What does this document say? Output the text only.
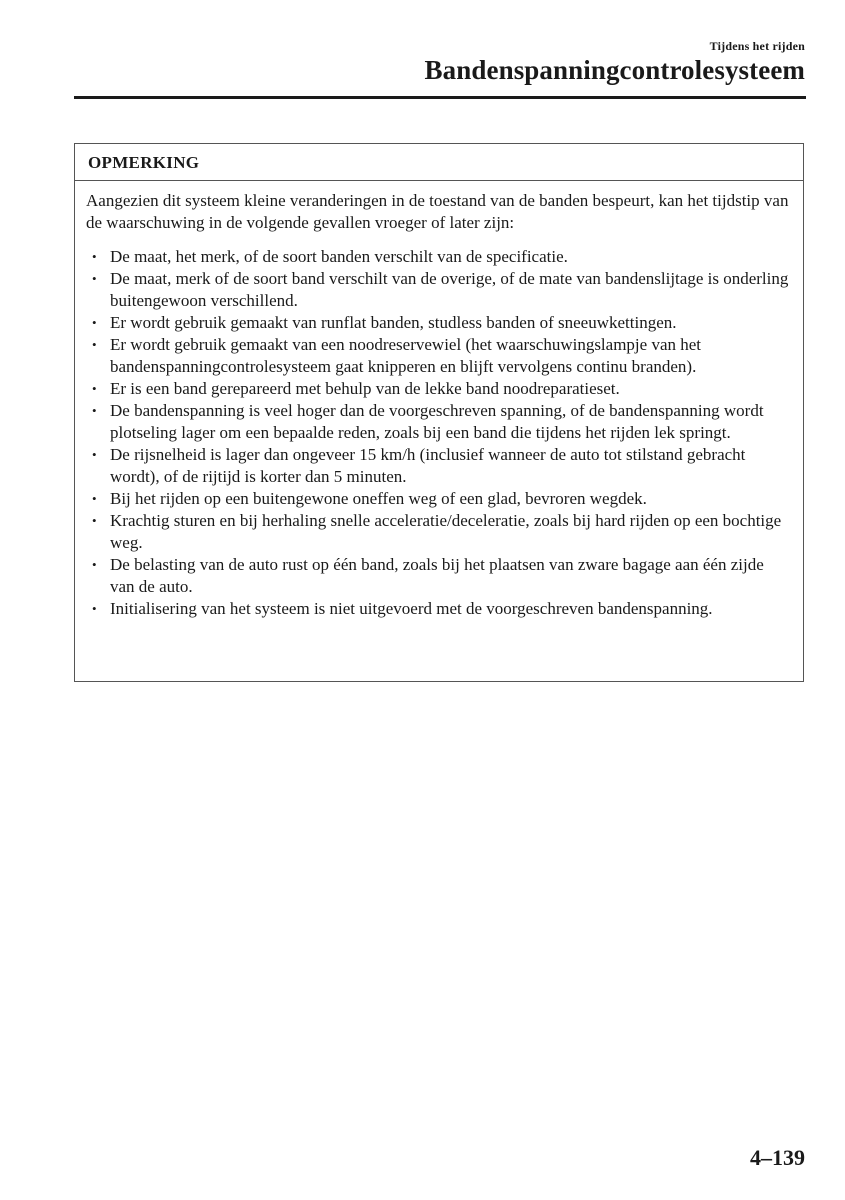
Tijdens het rijden
Bandenspanningcontrolesysteem
OPMERKING

Aangezien dit systeem kleine veranderingen in de toestand van de banden bespeurt, kan het tijdstip van de waarschuwing in de volgende gevallen vroeger of later zijn:

• De maat, het merk, of de soort banden verschilt van de specificatie.
• De maat, merk of de soort band verschilt van de overige, of de mate van bandenslijtage is onderling buitengewoon verschillend.
• Er wordt gebruik gemaakt van runflat banden, studless banden of sneeuwkettingen.
• Er wordt gebruik gemaakt van een noodreservewiel (het waarschuwingslampje van het bandenspanningcontrolesysteem gaat knipperen en blijft vervolgens continu branden).
• Er is een band gerepareerd met behulp van de lekke band noodreparatieset.
• De bandenspanning is veel hoger dan de voorgeschreven spanning, of de bandenspanning wordt plotseling lager om een bepaalde reden, zoals bij een band die tijdens het rijden lek springt.
• De rijsnelheid is lager dan ongeveer 15 km/h (inclusief wanneer de auto tot stilstand gebracht wordt), of de rijtijd is korter dan 5 minuten.
• Bij het rijden op een buitengewone oneffen weg of een glad, bevroren wegdek.
• Krachtig sturen en bij herhaling snelle acceleratie/deceleratie, zoals bij hard rijden op een bochtige weg.
• De belasting van de auto rust op één band, zoals bij het plaatsen van zware bagage aan één zijde van de auto.
• Initialisering van het systeem is niet uitgevoerd met de voorgeschreven bandenspanning.
4–139
